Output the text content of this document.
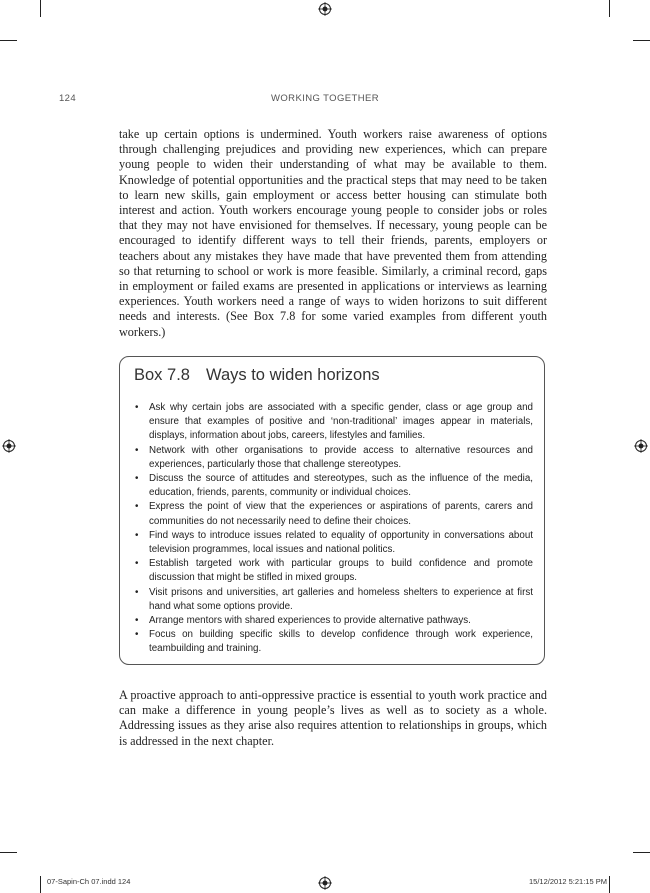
124	WORKING TOGETHER

take up certain options is undermined. Youth workers raise awareness of options through challenging prejudices and providing new experiences, which can prepare young people to widen their understanding of what may be available to them. Knowledge of potential opportunities and the practical steps that may need to be taken to learn new skills, gain employment or access better housing can stimulate both interest and action. Youth workers encourage young people to consider jobs or roles that they may not have envisioned for themselves. If necessary, young people can be encouraged to identify different ways to tell their friends, parents, employers or teachers about any mistakes they have made that have prevented them from attending so that returning to school or work is more feasible. Similarly, a criminal record, gaps in employment or failed exams are presented in applications or interviews as learning experiences. Youth workers need a range of ways to widen horizons to suit different needs and interests. (See Box 7.8 for some varied examples from different youth workers.)

Box 7.8 Ways to widen horizons
• Ask why certain jobs are associated with a specific gender, class or age group and ensure that examples of positive and ‘non-traditional’ images appear in materials, displays, information about jobs, careers, lifestyles and families.
• Network with other organisations to provide access to alternative resources and experiences, particularly those that challenge stereotypes.
• Discuss the source of attitudes and stereotypes, such as the influence of the media, education, friends, parents, community or individual choices.
• Express the point of view that the experiences or aspirations of parents, carers and communities do not necessarily need to define their choices.
• Find ways to introduce issues related to equality of opportunity in conversations about television programmes, local issues and national politics.
• Establish targeted work with particular groups to build confidence and promote discussion that might be stifled in mixed groups.
• Visit prisons and universities, art galleries and homeless shelters to experience at first hand what some options provide.
• Arrange mentors with shared experiences to provide alternative pathways.
• Focus on building specific skills to develop confidence through work experience, teambuilding and training.

A proactive approach to anti-oppressive practice is essential to youth work practice and can make a difference in young people’s lives as well as to society as a whole. Addressing issues as they arise also requires attention to relationships in groups, which is addressed in the next chapter.

07-Sapin-Ch 07.indd 124	15/12/2012 5:21:15 PM
